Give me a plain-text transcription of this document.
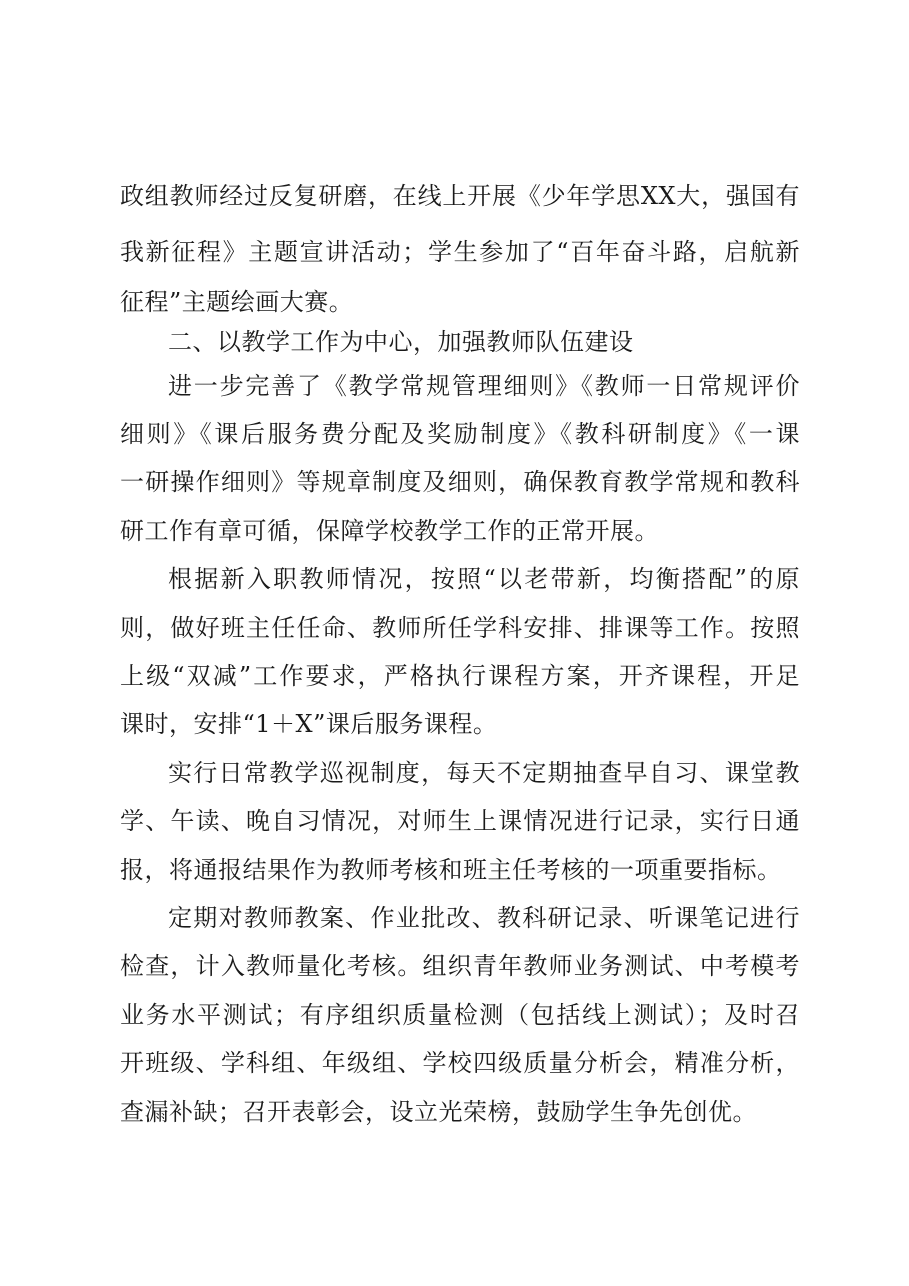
政组教师经过反复研磨，在线上开展《少年学思XX大，强国有
我新征程》主题宣讲活动；学生参加了“百年奋斗路，启航新
征程”主题绘画大赛。
二、以教学工作为中心，加强教师队伍建设
进一步完善了《教学常规管理细则》《教师一日常规评价
细则》《课后服务费分配及奖励制度》《教科研制度》《一课
一研操作细则》等规章制度及细则，确保教育教学常规和教科
研工作有章可循，保障学校教学工作的正常开展。
根据新入职教师情况，按照“以老带新，均衡搭配”的原
则，做好班主任任命、教师所任学科安排、排课等工作。按照
上级“双减”工作要求，严格执行课程方案，开齐课程，开足
课时，安排“1＋X”课后服务课程。
实行日常教学巡视制度，每天不定期抽查早自习、课堂教
学、午读、晚自习情况，对师生上课情况进行记录，实行日通
报，将通报结果作为教师考核和班主任考核的一项重要指标。
定期对教师教案、作业批改、教科研记录、听课笔记进行
检查，计入教师量化考核。组织青年教师业务测试、中考模考
业务水平测试；有序组织质量检测（包括线上测试）；及时召
开班级、学科组、年级组、学校四级质量分析会，精准分析，
查漏补缺；召开表彰会，设立光荣榜，鼓励学生争先创优。
